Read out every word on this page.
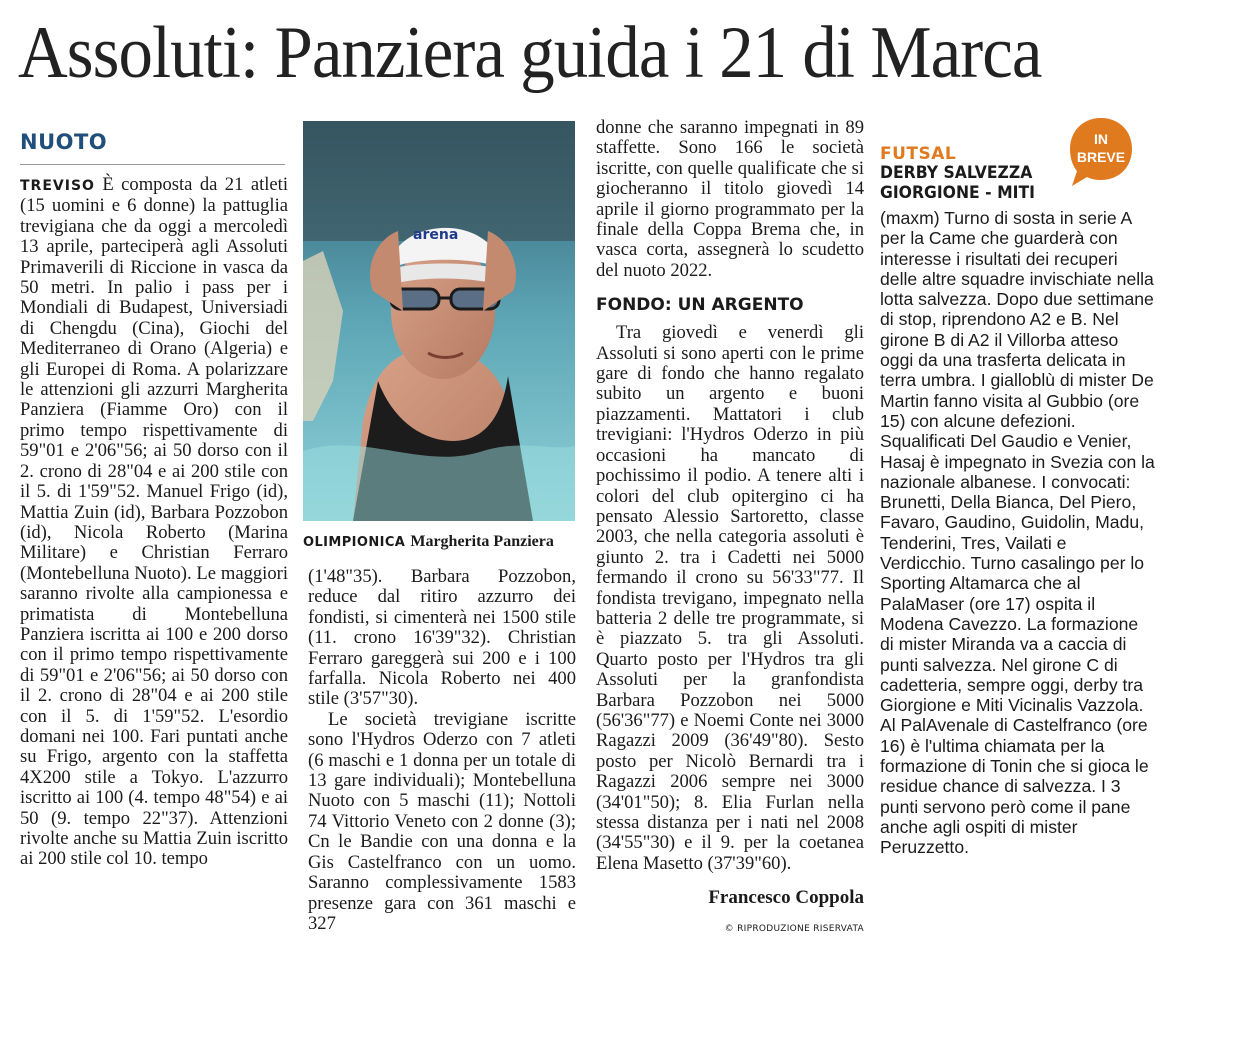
Assoluti: Panziera guida i 21 di Marca
NUOTO

TREVISO È composta da 21 atleti (15 uomini e 6 donne) la pattuglia trevigiana che da oggi a mercoledì 13 aprile, parteciperà agli Assoluti Primaverili di Riccione in vasca da 50 metri. In palio i pass per i Mondiali di Budapest, Universiadi di Chengdu (Cina), Giochi del Mediterraneo di Orano (Algeria) e gli Europei di Roma. A polarizzare le attenzioni gli azzurri Margherita Panziera (Fiamme Oro) con il primo tempo rispettivamente di 59"01 e 2'06"56; ai 50 dorso con il 2. crono di 28"04 e ai 200 stile con il 5. di 1'59"52. Manuel Frigo (id), Mattia Zuin (id), Barbara Pozzobon (id), Nicola Roberto (Marina Militare) e Christian Ferraro (Montebelluna Nuoto). Le maggiori saranno rivolte alla campionessa e primatista di Montebelluna Panziera iscritta ai 100 e 200 dorso con il primo tempo rispettivamente di 59"01 e 2'06"56; ai 50 dorso con il 2. crono di 28"04 e ai 200 stile con il 5. di 1'59"52. L'esordio domani nei 100. Fari puntati anche su Frigo, argento con la staffetta 4X200 stile a Tokyo. L'azzurro iscritto ai 100 (4. tempo 48"54) e ai 50 (9. tempo 22"37). Attenzioni rivolte anche su Mattia Zuin iscritto ai 200 stile col 10. tempo

arena
OLIMPIONICA Margherita Panziera

(1'48"35). Barbara Pozzobon, reduce dal ritiro azzurro dei fondisti, si cimenterà nei 1500 stile (11. crono 16'39"32). Christian Ferraro gareggerà sui 200 e i 100 farfalla. Nicola Roberto nei 400 stile (3'57"30).

Le società trevigiane iscritte sono l'Hydros Oderzo con 7 atleti (6 maschi e 1 donna per un totale di 13 gare individuali); Montebelluna Nuoto con 5 maschi (11); Nottoli 74 Vittorio Veneto con 2 donne (3); Cn le Bandie con una donna e la Gis Castelfranco con un uomo. Saranno complessivamente 1583 presenze gara con 361 maschi e 327

donne che saranno impegnati in 89 staffette. Sono 166 le società iscritte, con quelle qualificate che si giocheranno il titolo giovedì 14 aprile il giorno programmato per la finale della Coppa Brema che, in vasca corta, assegnerà lo scudetto del nuoto 2022.

FONDO: UN ARGENTO

Tra giovedì e venerdì gli Assoluti si sono aperti con le prime gare di fondo che hanno regalato subito un argento e buoni piazzamenti. Mattatori i club trevigiani: l'Hydros Oderzo in più occasioni ha mancato di pochissimo il podio. A tenere alti i colori del club opitergino ci ha pensato Alessio Sartoretto, classe 2003, che nella categoria assoluti è giunto 2. tra i Cadetti nei 5000 fermando il crono su 56'33"77. Il fondista trevigano, impegnato nella batteria 2 delle tre programmate, si è piazzato 5. tra gli Assoluti. Quarto posto per l'Hydros tra gli Assoluti per la granfondista Barbara Pozzobon nei 5000 (56'36"77) e Noemi Conte nei 3000 Ragazzi 2009 (36'49"80). Sesto posto per Nicolò Bernardi tra i Ragazzi 2006 sempre nei 3000 (34'01"50); 8. Elia Furlan nella stessa distanza per i nati nel 2008 (34'55"30) e il 9. per la coetanea Elena Masetto (37'39"60).

Francesco Coppola
© RIPRODUZIONE RISERVATA
FUTSAL
DERBY SALVEZZA GIORGIONE - MITI
IN
BREVE

(maxm) Turno di sosta in serie A per la Came che guarderà con interesse i risultati dei recuperi delle altre squadre invischiate nella lotta salvezza. Dopo due settimane di stop, riprendono A2 e B. Nel girone B di A2 il Villorba atteso oggi da una trasferta delicata in terra umbra. I gialloblù di mister De Martin fanno visita al Gubbio (ore 15) con alcune defezioni. Squalificati Del Gaudio e Venier, Hasaj è impegnato in Svezia con la nazionale albanese. I convocati: Brunetti, Della Bianca, Del Piero, Favaro, Gaudino, Guidolin, Madu, Tenderini, Tres, Vailati e Verdicchio. Turno casalingo per lo Sporting Altamarca che al PalaMaser (ore 17) ospita il Modena Cavezzo. La formazione di mister Miranda va a caccia di punti salvezza. Nel girone C di cadetteria, sempre oggi, derby tra Giorgione e Miti Vicinalis Vazzola. Al PalAvenale di Castelfranco (ore 16) è l'ultima chiamata per la formazione di Tonin che si gioca le residue chance di salvezza. I 3 punti servono però come il pane anche agli ospiti di mister Peruzzetto.
